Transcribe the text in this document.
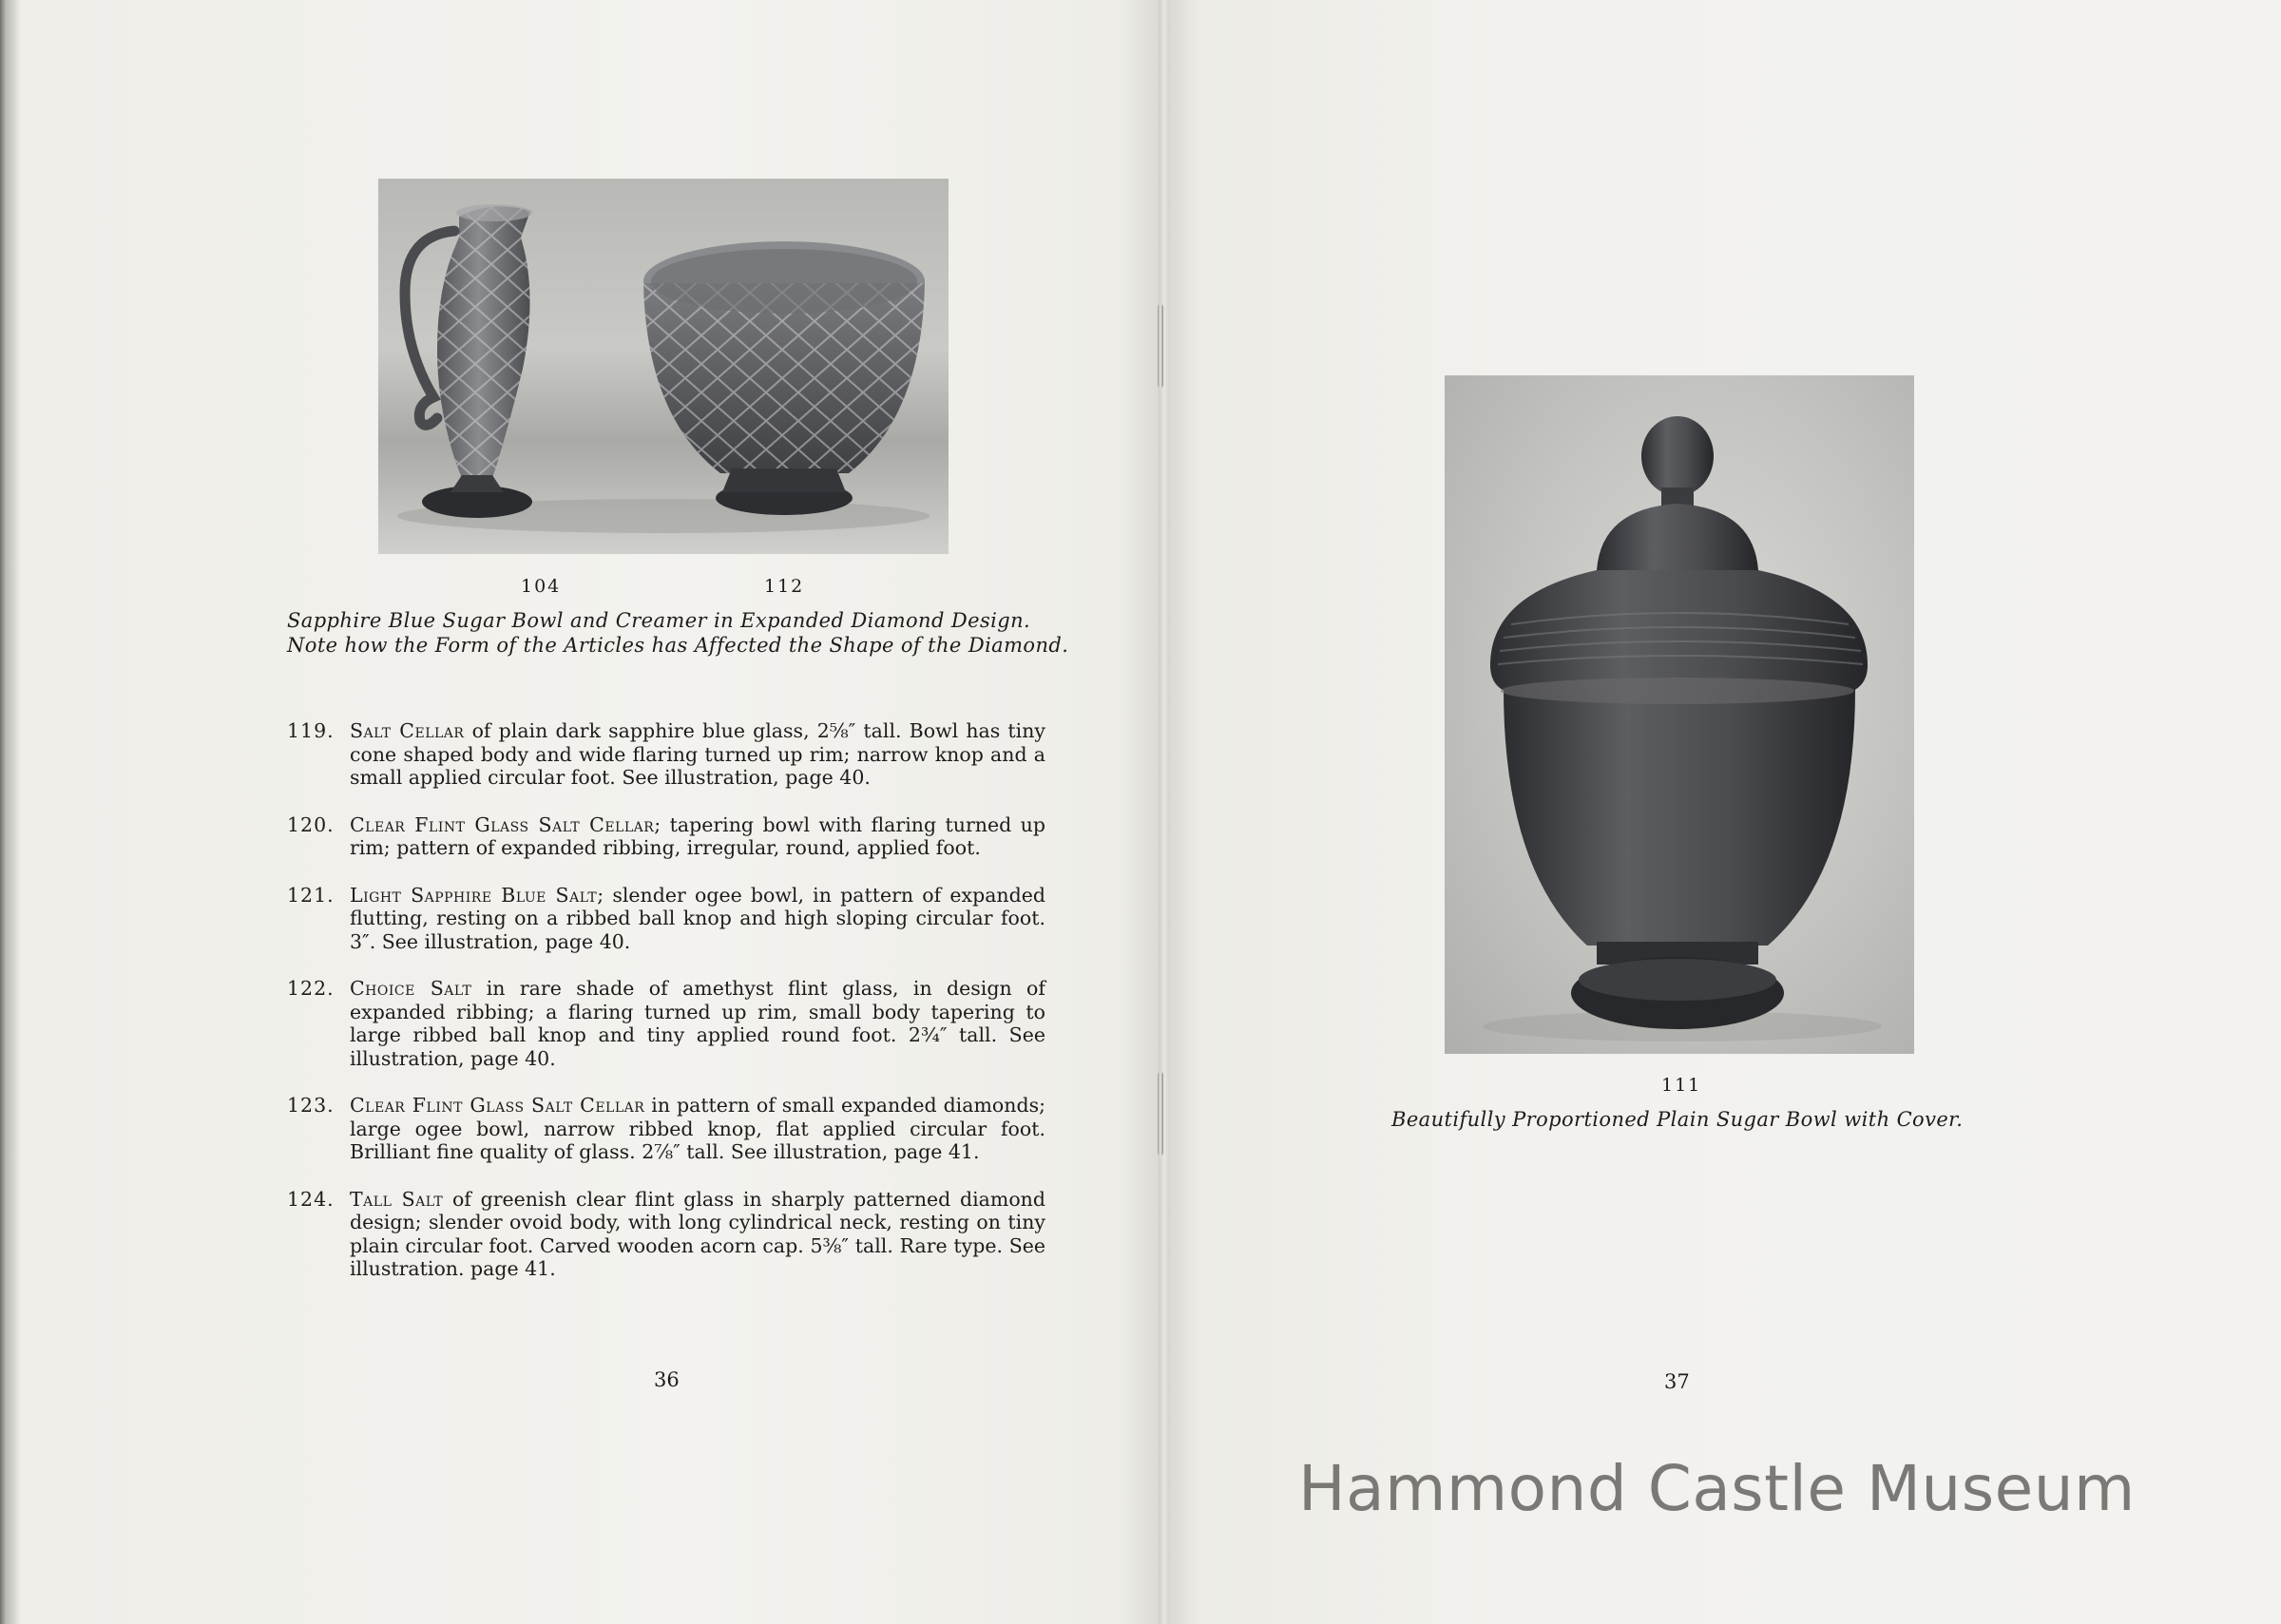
104	112
Sapphire Blue Sugar Bowl and Creamer in Expanded Diamond Design.
Note how the Form of the Articles has Affected the Shape of the Diamond.
119. Salt Cellar of plain dark sapphire blue glass, 2⅝″ tall. Bowl has tiny cone shaped body and wide flaring turned up rim; narrow knop and a small applied circular foot. See illustration, page 40.
120. Clear Flint Glass Salt Cellar; tapering bowl with flaring turned up rim; pattern of expanded ribbing, irregular, round, applied foot.
121. Light Sapphire Blue Salt; slender ogee bowl, in pattern of expanded flutting, resting on a ribbed ball knop and high sloping circular foot. 3″. See illustration, page 40.
122. Choice Salt in rare shade of amethyst flint glass, in design of expanded ribbing; a flaring turned up rim, small body tapering to large ribbed ball knop and tiny applied round foot. 2¾″ tall. See illustration, page 40.
123. Clear Flint Glass Salt Cellar in pattern of small expanded diamonds; large ogee bowl, narrow ribbed knop, flat applied circular foot. Brilliant fine quality of glass. 2⅞″ tall. See illustration, page 41.
124. Tall Salt of greenish clear flint glass in sharply patterned diamond design; slender ovoid body, with long cylindrical neck, resting on tiny plain circular foot. Carved wooden acorn cap. 5⅜″ tall. Rare type. See illustration. page 41.
36
111
Beautifully Proportioned Plain Sugar Bowl with Cover.
37
Hammond Castle Museum
